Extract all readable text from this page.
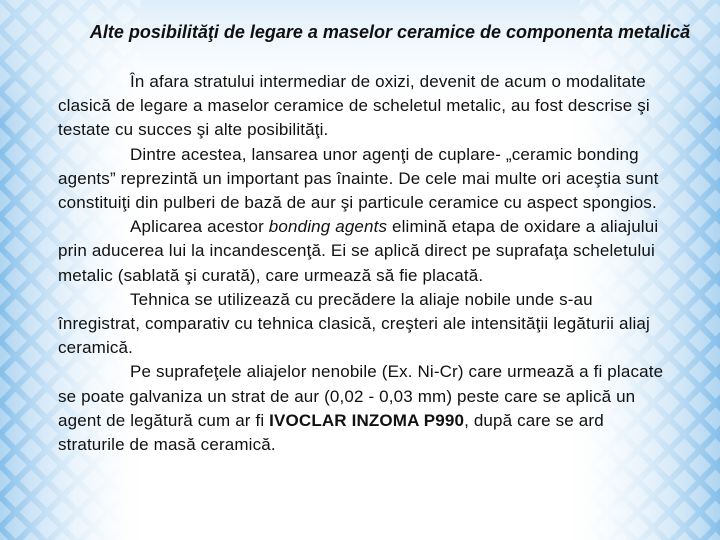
Alte posibilităţi de legare a maselor ceramice de componenta metalică

În afara stratului intermediar de oxizi, devenit de acum o modalitate clasică de legare a maselor ceramice de scheletul metalic, au fost descrise şi testate cu succes şi alte posibilităţi.

Dintre acestea, lansarea unor agenţi de cuplare- „ceramic bonding agents” reprezintă un important pas înainte. De cele mai multe ori aceştia sunt constituiţi din pulberi de bază de aur şi particule ceramice cu aspect spongios.

Aplicarea acestor bonding agents elimină etapa de oxidare a aliajului prin aducerea lui la incandescenţă. Ei se aplică direct pe suprafaţa scheletului metalic (sablată şi curată), care urmează să fie placată.

Tehnica se utilizează cu precădere la aliaje nobile unde s-au înregistrat, comparativ cu tehnica clasică, creşteri ale intensităţii legăturii aliaj ceramică.

Pe suprafeţele aliajelor nenobile (Ex. Ni-Cr) care urmează a fi placate se poate galvaniza un strat de aur (0,02 - 0,03 mm) peste care se aplică un agent de legătură cum ar fi IVOCLAR INZOMA P990, după care se ard straturile de masă ceramică.
